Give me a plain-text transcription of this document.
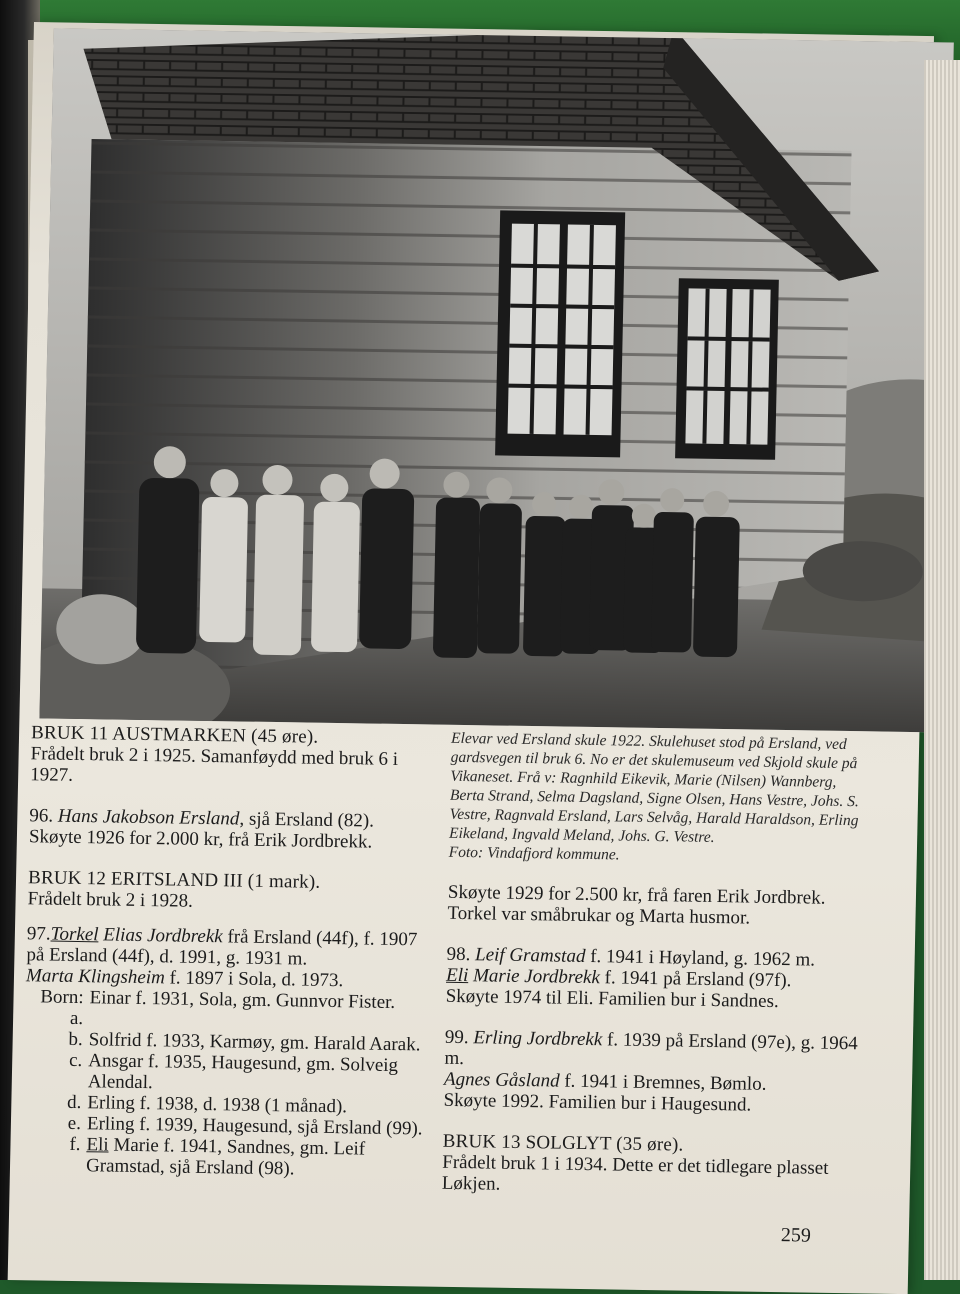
BRUK 11 AUSTMARKEN (45 øre).

Frådelt bruk 2 i 1925. Samanføydd med bruk 6 i 1927.

96. Hans Jakobson Ersland, sjå Ersland (82).

Skøyte 1926 for 2.000 kr, frå Erik Jordbrekk.

BRUK 12 ERITSLAND III (1 mark).

Frådelt bruk 2 i 1928.

97.Torkel Elias Jordbrekk frå Ersland (44f), f. 1907 på Ersland (44f), d. 1991, g. 1931 m.

Marta Klingsheim f. 1897 i Sola, d. 1973.

Born: a.
Einar f. 1931, Sola, gm. Gunnvor Fister.
b. Solfrid f. 1933, Karmøy, gm. Harald Aarak.
c. Ansgar f. 1935, Haugesund, gm. Solveig Alendal.
d. Erling f. 1938, d. 1938 (1 månad).
e. Erling f. 1939, Haugesund, sjå Ersland (99).
f. Eli Marie f. 1941, Sandnes, gm. Leif Gramstad, sjå Ersland (98).

Elevar ved Ersland skule 1922. Skulehuset stod på Ersland, ved gardsvegen til bruk 6. No er det skulemuseum ved Skjold skule på Vikaneset. Frå v: Ragnhild Eikevik, Marie (Nilsen) Wannberg, Berta Strand, Selma Dagsland, Signe Olsen, Hans Vestre, Johs. S. Vestre, Ragnvald Ersland, Lars Selvåg, Harald Haraldson, Erling Eikeland, Ingvald Meland, Johs. G. Vestre.

Foto: Vindafjord kommune.

Skøyte 1929 for 2.500 kr, frå faren Erik Jordbrek. Torkel var småbrukar og Marta husmor.

98. Leif Gramstad f. 1941 i Høyland, g. 1962 m.

Eli Marie Jordbrekk f. 1941 på Ersland (97f).

Skøyte 1974 til Eli. Familien bur i Sandnes.

99. Erling Jordbrekk f. 1939 på Ersland (97e), g. 1964 m.

Agnes Gåsland f. 1941 i Bremnes, Bømlo.

Skøyte 1992. Familien bur i Haugesund.

BRUK 13 SOLGLYT (35 øre).

Frådelt bruk 1 i 1934. Dette er det tidlegare plasset Løkjen.

259
